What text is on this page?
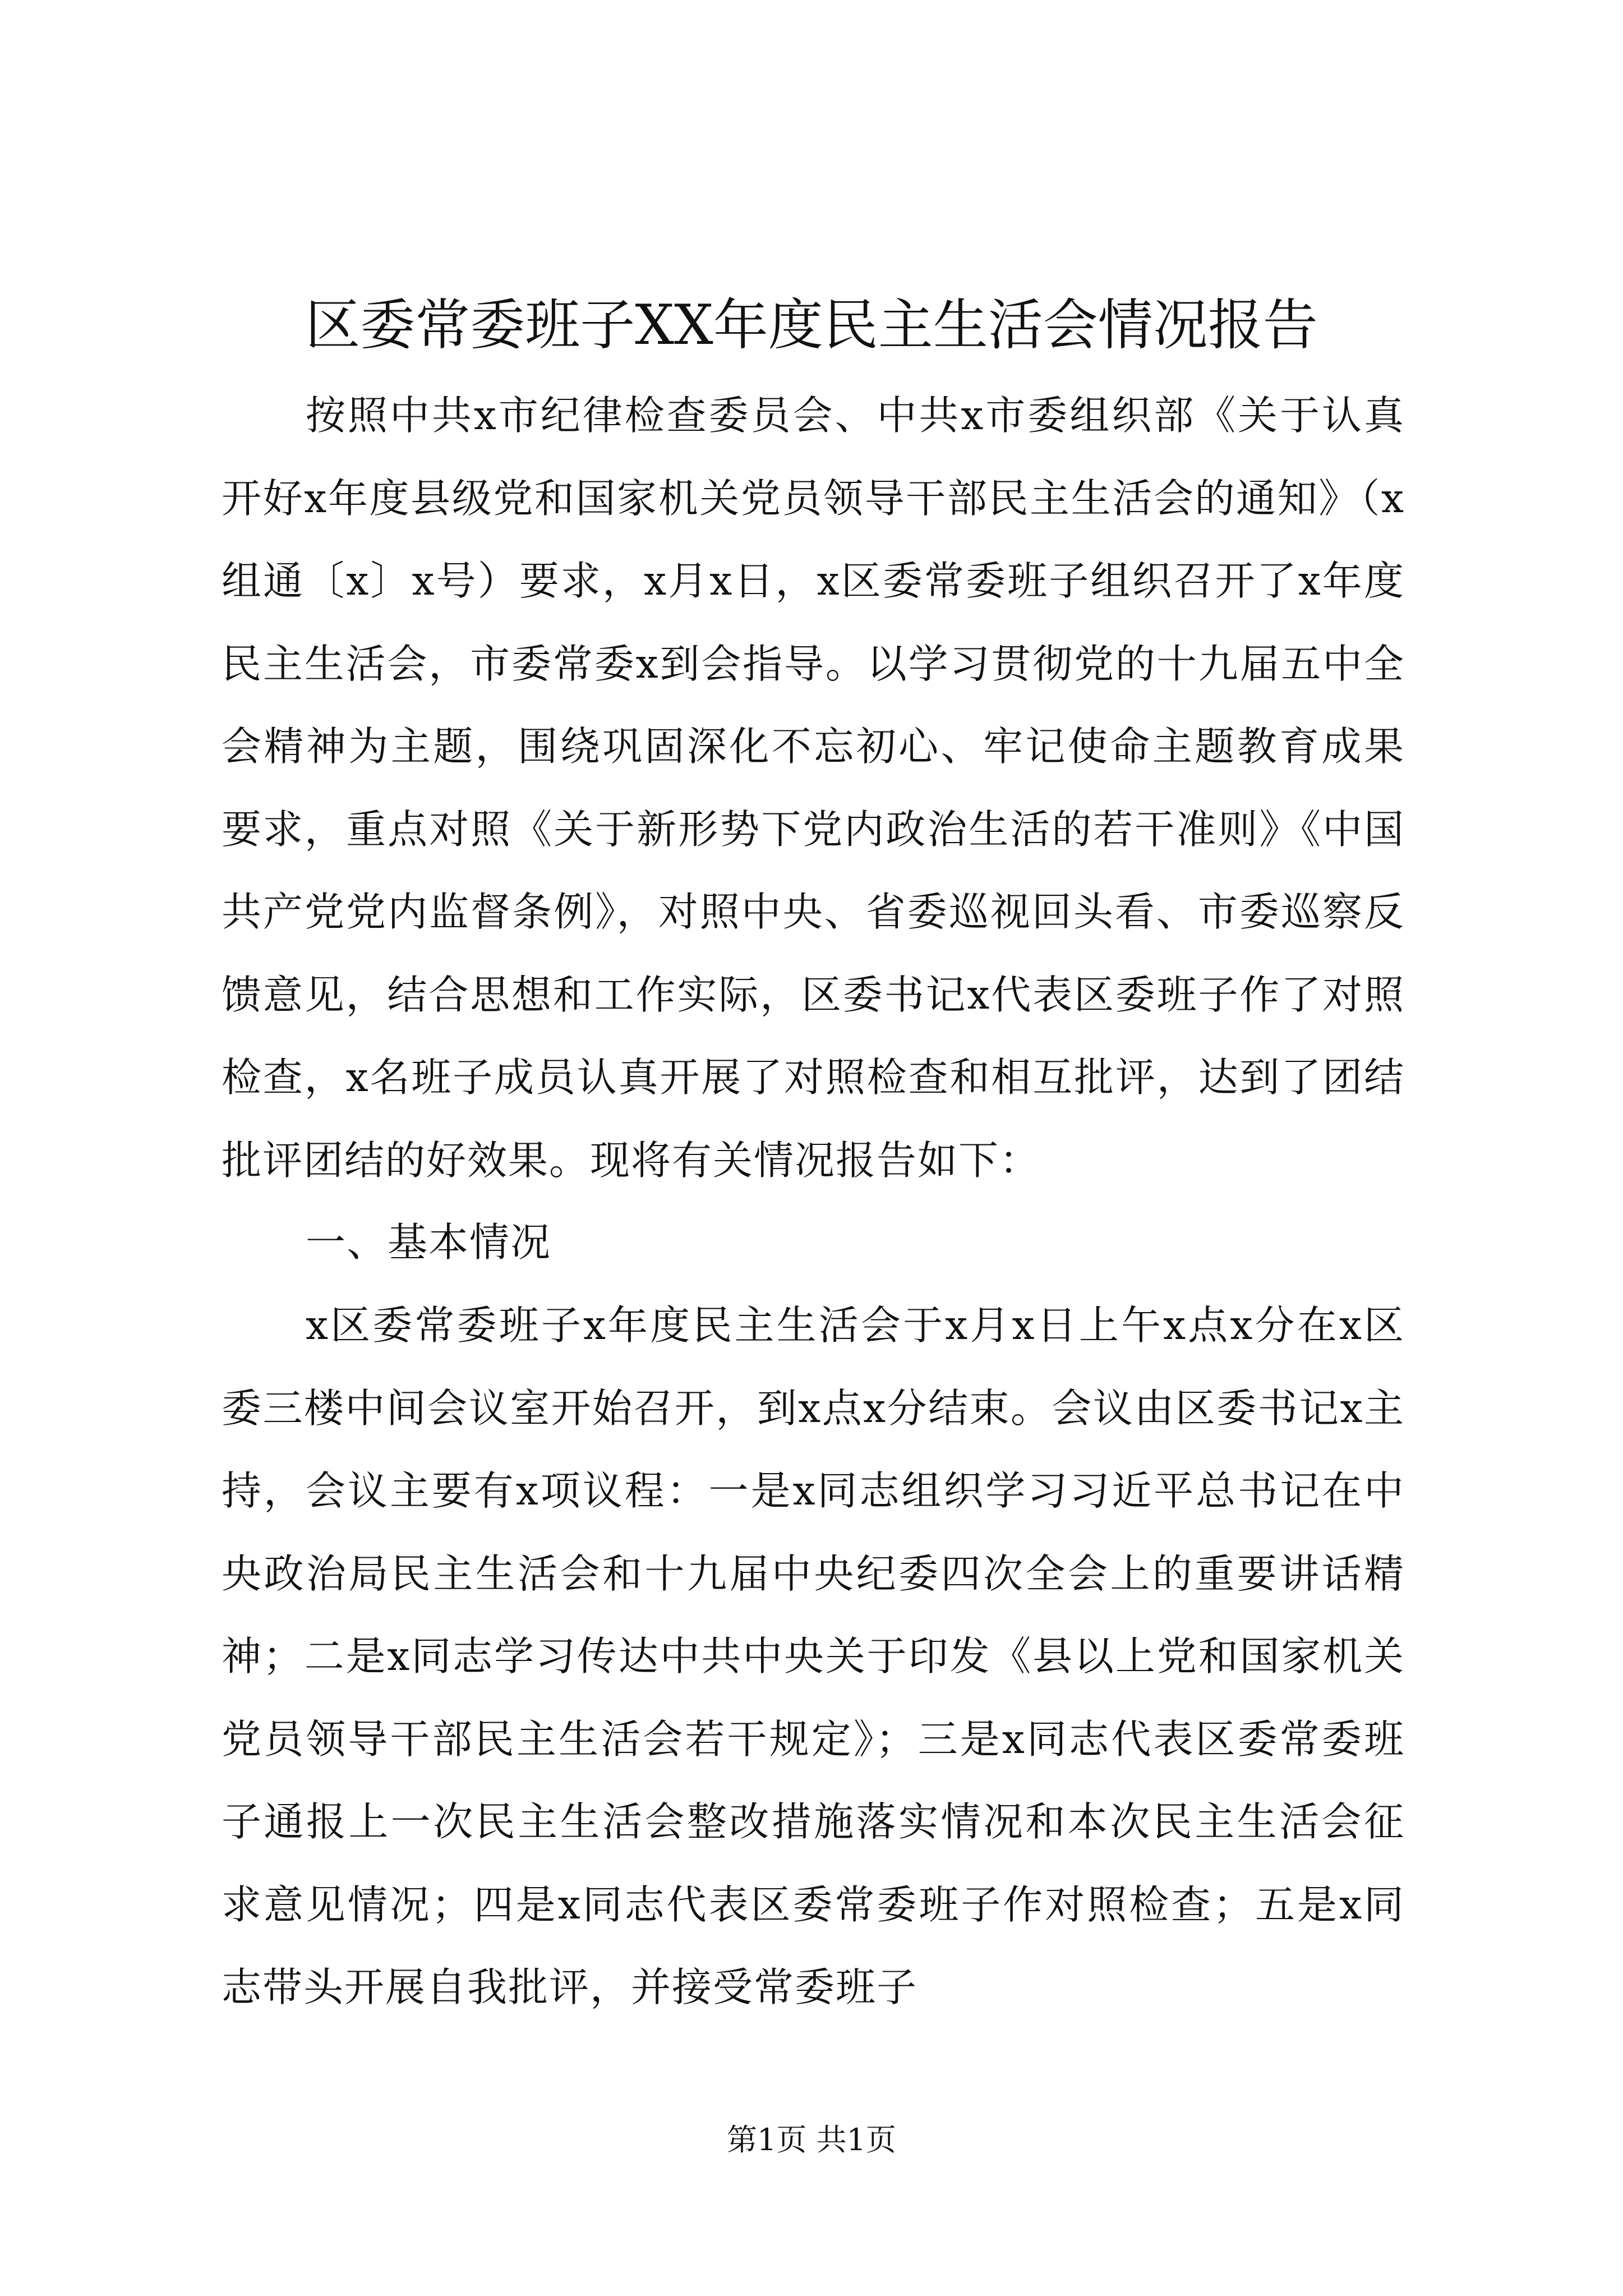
区委常委班子XX年度民主生活会情况报告

按照中共x市纪律检查委员会、中共x市委组织部《关于认真开好x年度县级党和国家机关党员领导干部民主生活会的通知》（x组通〔x〕x号）要求，x月x日，x区委常委班子组织召开了x年度民主生活会，市委常委x到会指导。以学习贯彻党的十九届五中全会精神为主题，围绕巩固深化不忘初心、牢记使命主题教育成果要求，重点对照《关于新形势下党内政治生活的若干准则》《中国共产党党内监督条例》，对照中央、省委巡视回头看、市委巡察反馈意见，结合思想和工作实际，区委书记x代表区委班子作了对照检查，x名班子成员认真开展了对照检查和相互批评，达到了团结批评团结的好效果。现将有关情况报告如下：

一、基本情况

x区委常委班子x年度民主生活会于x月x日上午x点x分在x区委三楼中间会议室开始召开，到x点x分结束。会议由区委书记x主持，会议主要有x项议程：一是x同志组织学习习近平总书记在中央政治局民主生活会和十九届中央纪委四次全会上的重要讲话精神；二是x同志学习传达中共中央关于印发《县以上党和国家机关党员领导干部民主生活会若干规定》；三是x同志代表区委常委班子通报上一次民主生活会整改措施落实情况和本次民主生活会征求意见情况；四是x同志代表区委常委班子作对照检查；五是x同志带头开展自我批评，并接受常委班子

第1页 共1页
